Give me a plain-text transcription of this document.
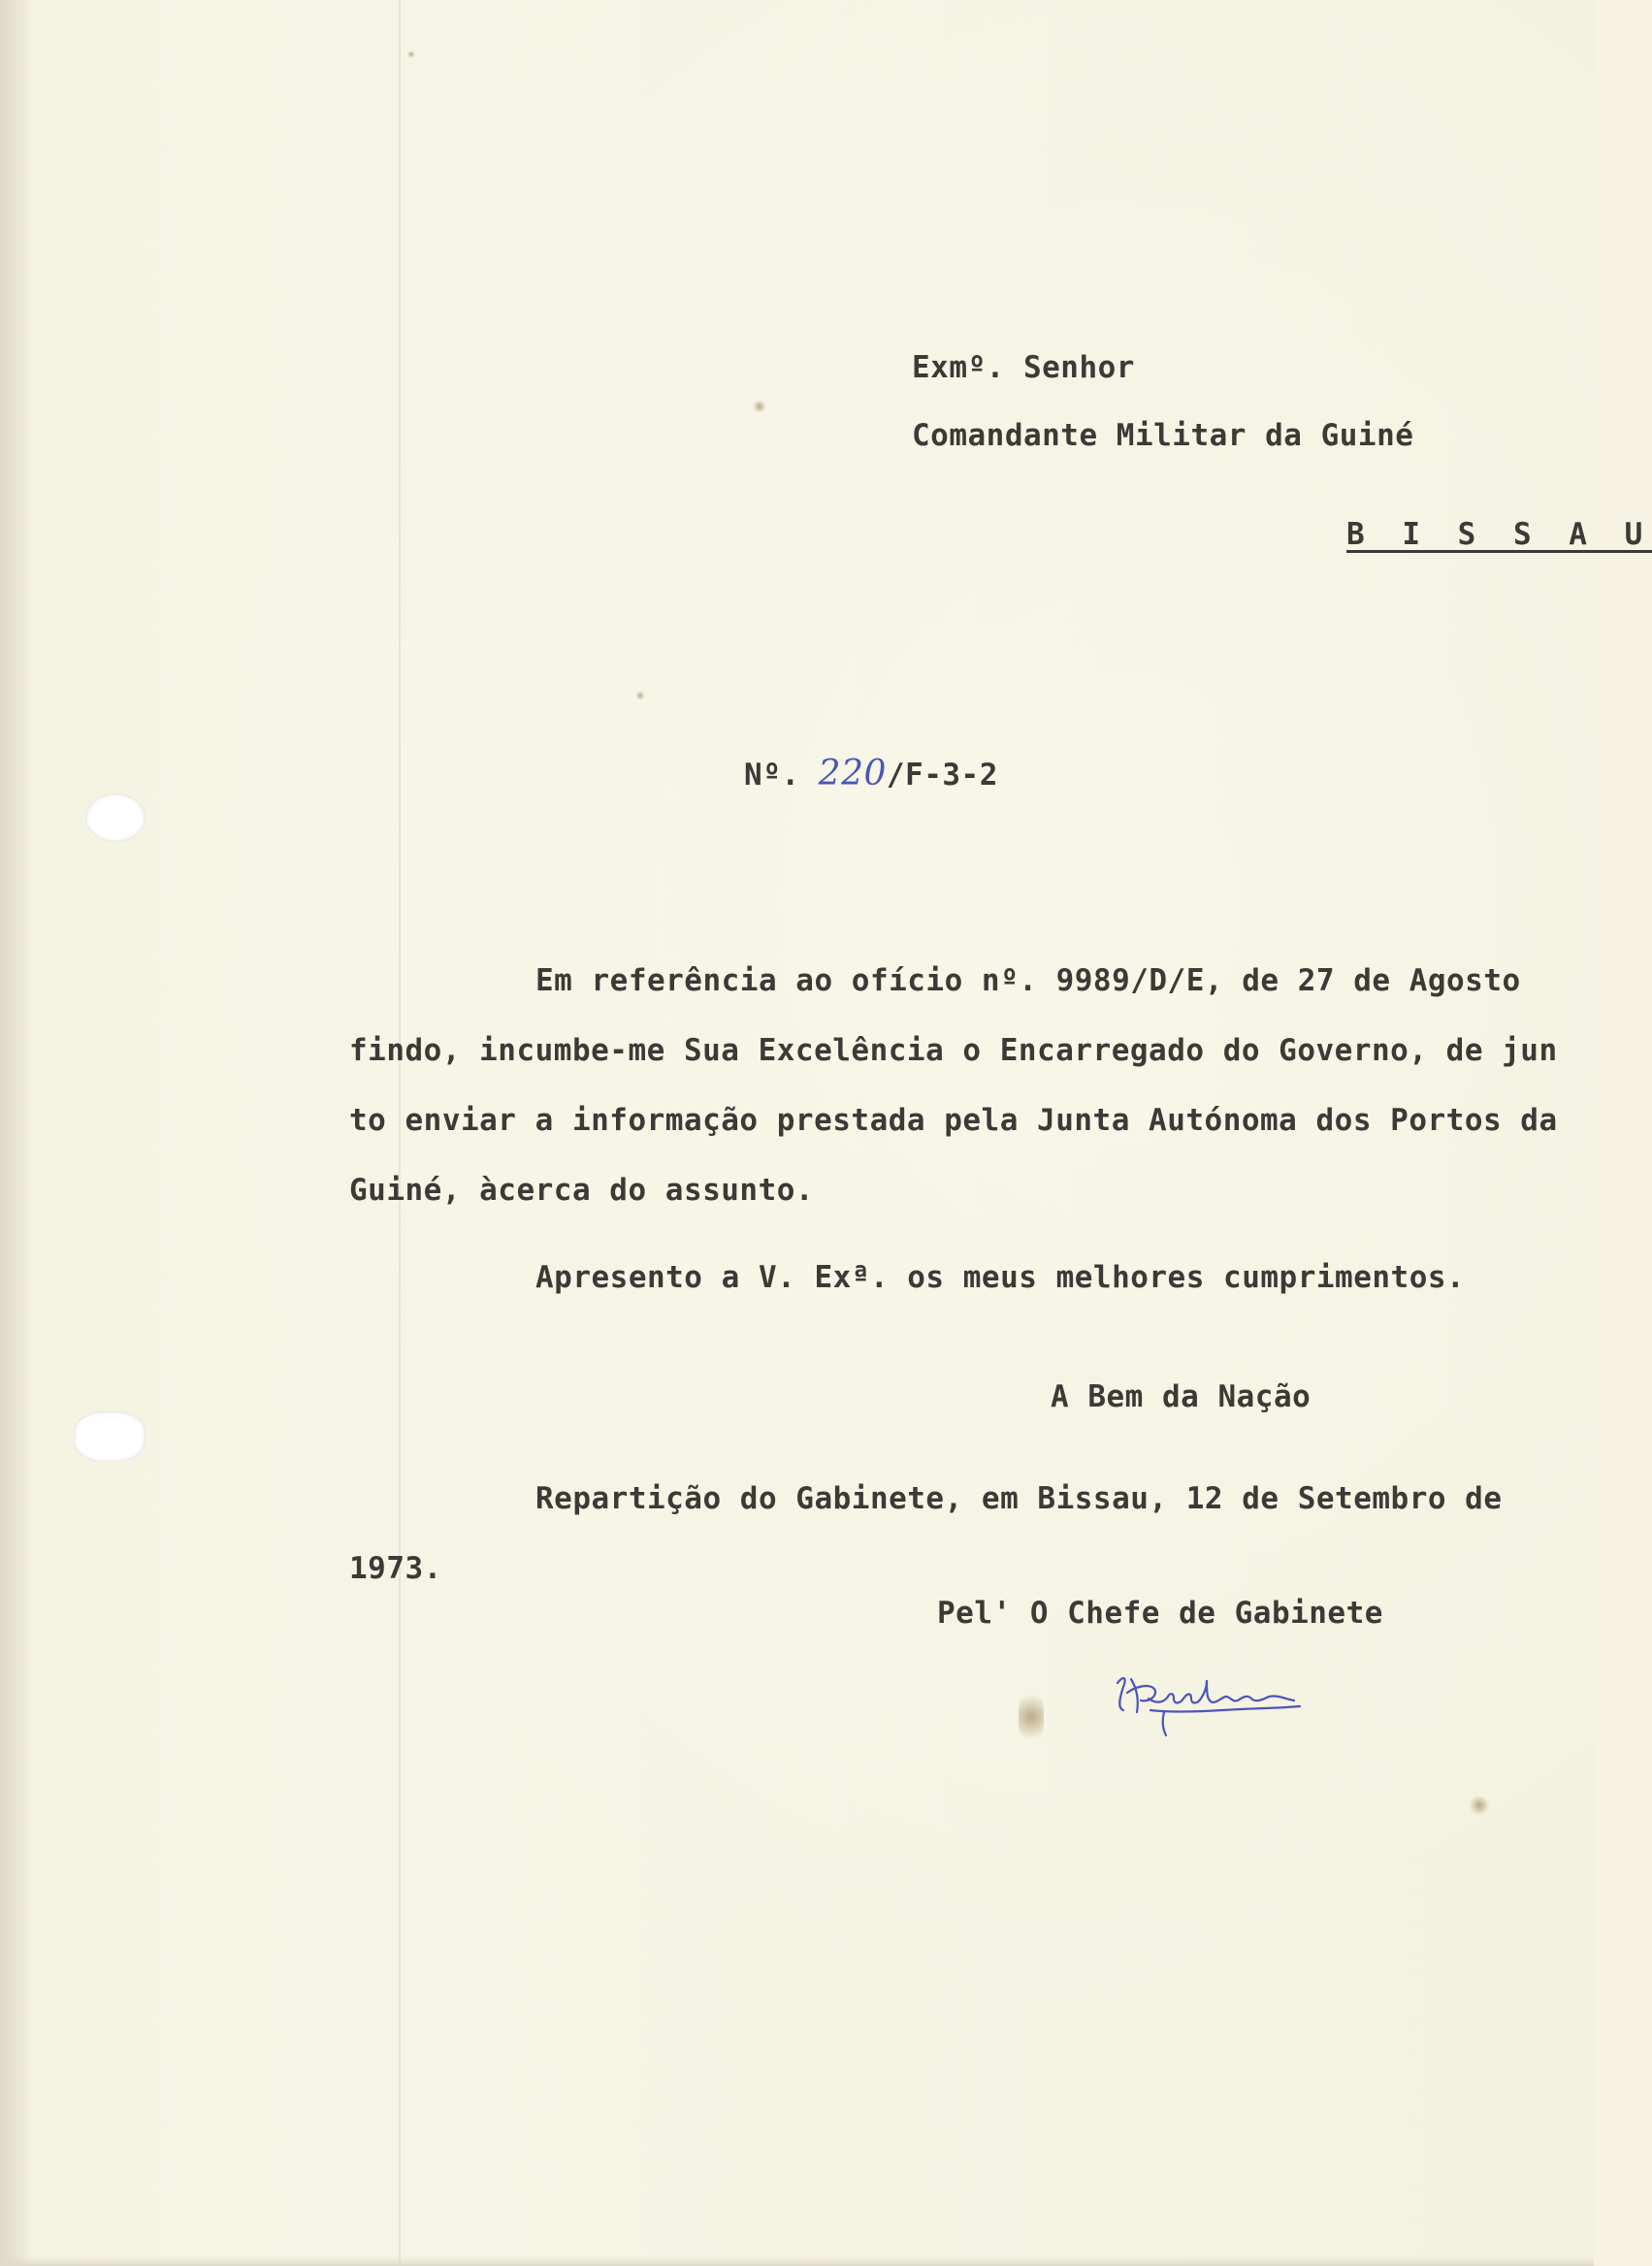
Exmº. Senhor

Comandante Militar da Guiné

B I S S A U

Nº. 220/F-3-2

Em referência ao ofício nº. 9989/D/E, de 27 de Agosto

findo, incumbe-me Sua Excelência o Encarregado do Governo, de jun

to enviar a informação prestada pela Junta Autónoma dos Portos da

Guiné, àcerca do assunto.

Apresento a V. Exª. os meus melhores cumprimentos.

A Bem da Nação

Repartição do Gabinete, em Bissau, 12 de Setembro de

1973.

Pel' O Chefe de Gabinete
